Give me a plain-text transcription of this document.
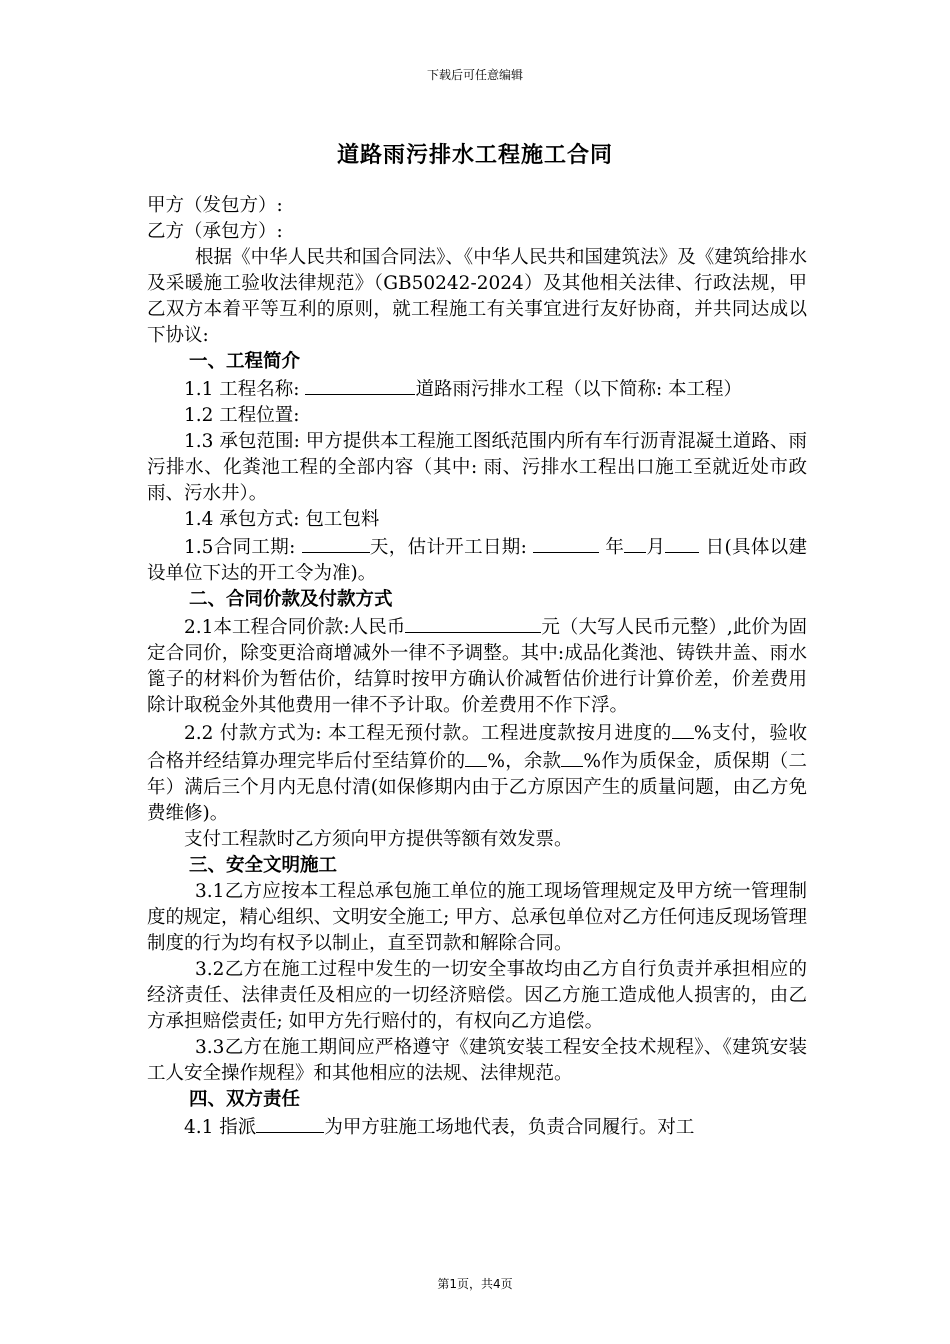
下载后可任意编辑
道路雨污排水工程施工合同

甲方（发包方）:

乙方（承包方）:

根据《中华人民共和国合同法》、《中华人民共和国建筑法》及《建筑给排水及采暖施工验收法律规范》（GB50242-2024）及其他相关法律、行政法规，甲乙双方本着平等互利的原则，就工程施工有关事宜进行友好协商，并共同达成以下协议:

一、工程简介

1.1 工程名称:	道路雨污排水工程（以下简称: 本工程）

1.2 工程位置:

1.3 承包范围: 甲方提供本工程施工图纸范围内所有车行沥青混凝土道路、雨污排水、化粪池工程的全部内容（其中: 雨、污排水工程出口施工至就近处市政雨、污水井）。

1.4 承包方式: 包工包料

1.5合同工期:	天，估计开工日期:	年 月 日(具体以建设单位下达的开工令为准)。

二、合同价款及付款方式

2.1本工程合同价款:人民币	元（大写人民币元整）,此价为固定合同价，除变更洽商增减外一律不予调整。其中:成品化粪池、铸铁井盖、雨水篦子的材料价为暂估价，结算时按甲方确认价减暂估价进行计算价差，价差费用除计取税金外其他费用一律不予计取。价差费用不作下浮。

2.2 付款方式为: 本工程无预付款。工程进度款按月进度的 %支付，验收合格并经结算办理完毕后付至结算价的 %，余款 %作为质保金，质保期（二年）满后三个月内无息付清(如保修期内由于乙方原因产生的质量问题，由乙方免费维修)。

支付工程款时乙方须向甲方提供等额有效发票。

三、安全文明施工

3.1乙方应按本工程总承包施工单位的施工现场管理规定及甲方统一管理制度的规定，精心组织、文明安全施工; 甲方、总承包单位对乙方任何违反现场管理制度的行为均有权予以制止，直至罚款和解除合同。

3.2乙方在施工过程中发生的一切安全事故均由乙方自行负责并承担相应的经济责任、法律责任及相应的一切经济赔偿。因乙方施工造成他人损害的，由乙方承担赔偿责任; 如甲方先行赔付的，有权向乙方追偿。

3.3乙方在施工期间应严格遵守《建筑安装工程安全技术规程》、《建筑安装工人安全操作规程》和其他相应的法规、法律规范。

四、双方责任

4.1 指派	为甲方驻施工场地代表，负责合同履行。对工

第1页，共4页
